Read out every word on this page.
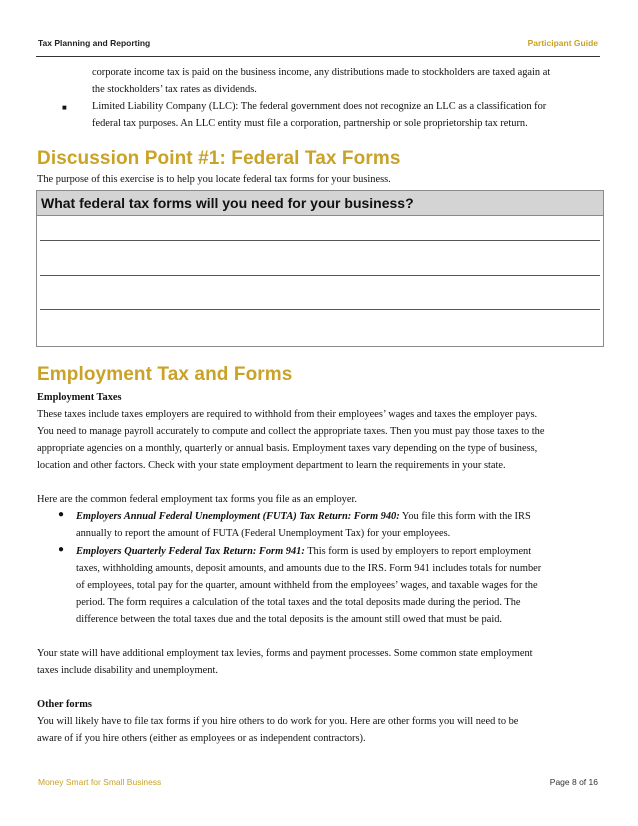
Tax Planning and Reporting	Participant Guide
corporate income tax is paid on the business income, any distributions made to stockholders are taxed again at
the stockholders’ tax rates as dividends.
■ Limited Liability Company (LLC): The federal government does not recognize an LLC as a classification for
federal tax purposes. An LLC entity must file a corporation, partnership or sole proprietorship tax return.
Discussion Point #1: Federal Tax Forms

The purpose of this exercise is to help you locate federal tax forms for your business.

What federal tax forms will you need for your business?
Employment Tax and Forms

Employment Taxes

These taxes include taxes employers are required to withhold from their employees’ wages and taxes the employer pays.

You need to manage payroll accurately to compute and collect the appropriate taxes. Then you must pay those taxes to the

appropriate agencies on a monthly, quarterly or annual basis. Employment taxes vary depending on the type of business,

location and other factors. Check with your state employment department to learn the requirements in your state.

Here are the common federal employment tax forms you file as an employer.

● Employers Annual Federal Unemployment (FUTA) Tax Return: Form 940: You file this form with the IRS

annually to report the amount of FUTA (Federal Unemployment Tax) for your employees.

● Employers Quarterly Federal Tax Return: Form 941: This form is used by employers to report employment

taxes, withholding amounts, deposit amounts, and amounts due to the IRS. Form 941 includes totals for number

of employees, total pay for the quarter, amount withheld from the employees’ wages, and taxable wages for the

period. The form requires a calculation of the total taxes and the total deposits made during the period. The

difference between the total taxes due and the total deposits is the amount still owed that must be paid.

Your state will have additional employment tax levies, forms and payment processes. Some common state employment

taxes include disability and unemployment.

Other forms

You will likely have to file tax forms if you hire others to do work for you. Here are other forms you will need to be

aware of if you hire others (either as employees or as independent contractors).

Money Smart for Small Business	Page 8 of 16
